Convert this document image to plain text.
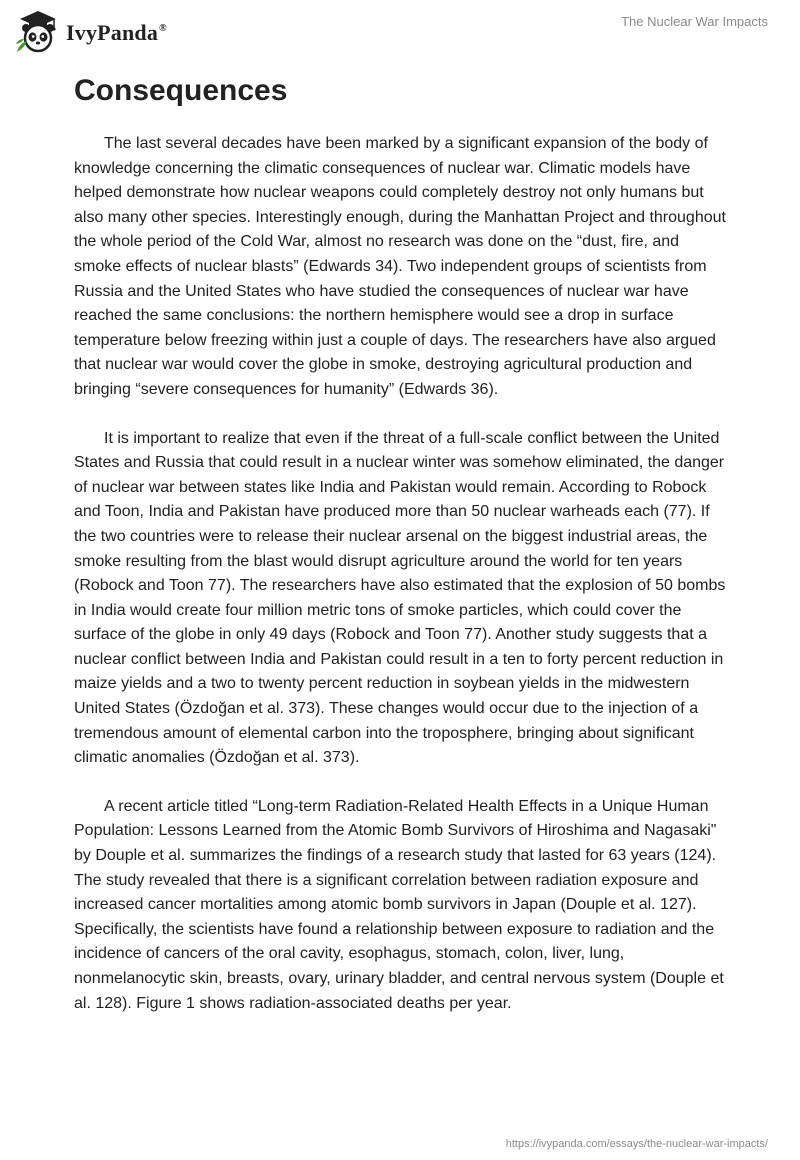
IvyPanda®	The Nuclear War Impacts
Consequences

The last several decades have been marked by a significant expansion of the body of knowledge concerning the climatic consequences of nuclear war. Climatic models have helped demonstrate how nuclear weapons could completely destroy not only humans but also many other species. Interestingly enough, during the Manhattan Project and throughout the whole period of the Cold War, almost no research was done on the “dust, fire, and smoke effects of nuclear blasts” (Edwards 34). Two independent groups of scientists from Russia and the United States who have studied the consequences of nuclear war have reached the same conclusions: the northern hemisphere would see a drop in surface temperature below freezing within just a couple of days. The researchers have also argued that nuclear war would cover the globe in smoke, destroying agricultural production and bringing “severe consequences for humanity” (Edwards 36).

It is important to realize that even if the threat of a full-scale conflict between the United States and Russia that could result in a nuclear winter was somehow eliminated, the danger of nuclear war between states like India and Pakistan would remain. According to Robock and Toon, India and Pakistan have produced more than 50 nuclear warheads each (77). If the two countries were to release their nuclear arsenal on the biggest industrial areas, the smoke resulting from the blast would disrupt agriculture around the world for ten years (Robock and Toon 77). The researchers have also estimated that the explosion of 50 bombs in India would create four million metric tons of smoke particles, which could cover the surface of the globe in only 49 days (Robock and Toon 77). Another study suggests that a nuclear conflict between India and Pakistan could result in a ten to forty percent reduction in maize yields and a two to twenty percent reduction in soybean yields in the midwestern United States (Özdoğan et al. 373). These changes would occur due to the injection of a tremendous amount of elemental carbon into the troposphere, bringing about significant climatic anomalies (Özdoğan et al. 373).

A recent article titled “Long-term Radiation-Related Health Effects in a Unique Human Population: Lessons Learned from the Atomic Bomb Survivors of Hiroshima and Nagasaki" by Douple et al. summarizes the findings of a research study that lasted for 63 years (124). The study revealed that there is a significant correlation between radiation exposure and increased cancer mortalities among atomic bomb survivors in Japan (Douple et al. 127). Specifically, the scientists have found a relationship between exposure to radiation and the incidence of cancers of the oral cavity, esophagus, stomach, colon, liver, lung, nonmelanocytic skin, breasts, ovary, urinary bladder, and central nervous system (Douple et al. 128). Figure 1 shows radiation-associated deaths per year.

https://ivypanda.com/essays/the-nuclear-war-impacts/
